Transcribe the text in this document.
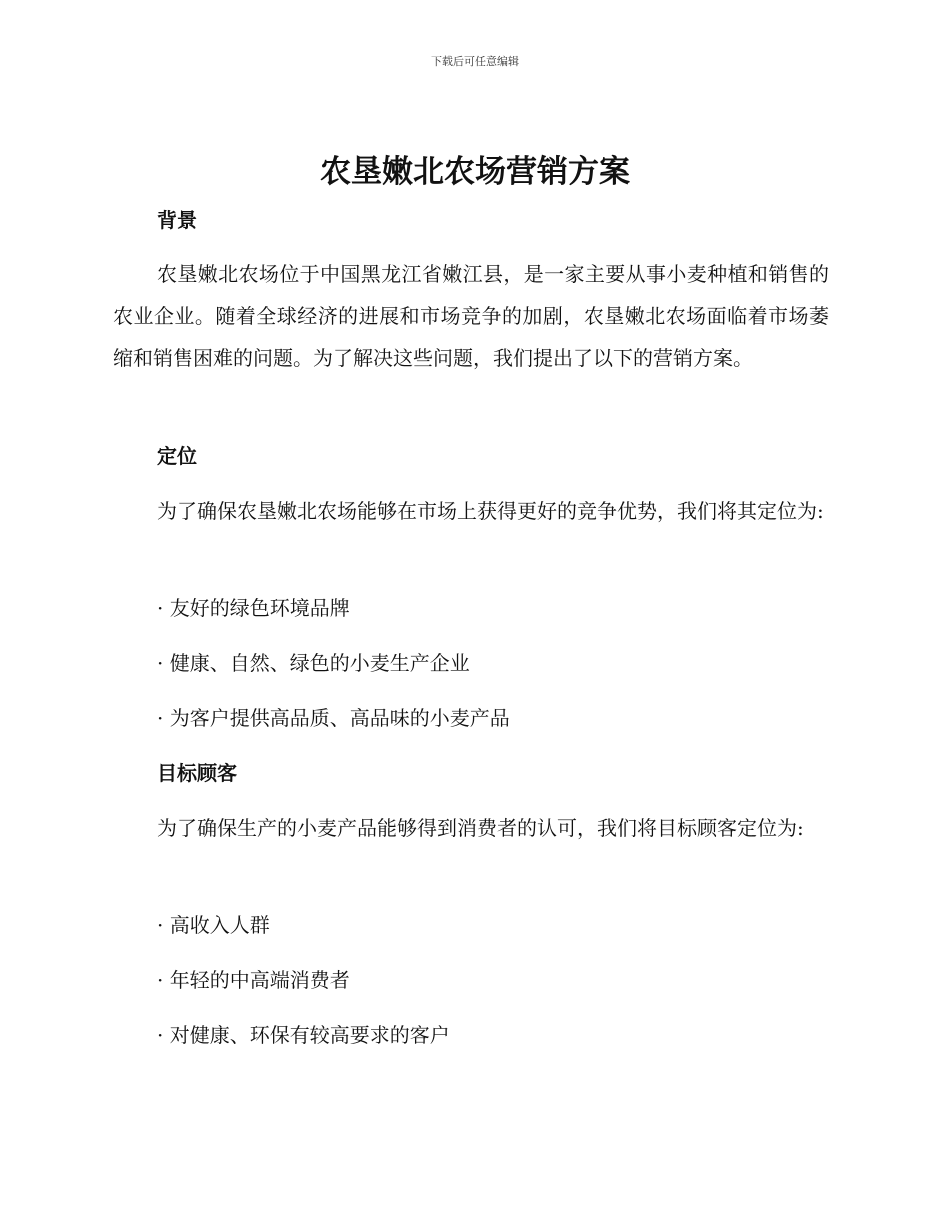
下载后可任意编辑
农垦嫩北农场营销方案
背景

农垦嫩北农场位于中国黑龙江省嫩江县，是一家主要从事小麦种植和销售的农业企业。随着全球经济的进展和市场竞争的加剧，农垦嫩北农场面临着市场萎缩和销售困难的问题。为了解决这些问题，我们提出了以下的营销方案。

定位

为了确保农垦嫩北农场能够在市场上获得更好的竞争优势，我们将其定位为:

· 友好的绿色环境品牌
· 健康、自然、绿色的小麦生产企业
· 为客户提供高品质、高品味的小麦产品
目标顾客

为了确保生产的小麦产品能够得到消费者的认可，我们将目标顾客定位为:

· 高收入人群
· 年轻的中高端消费者
· 对健康、环保有较高要求的客户
